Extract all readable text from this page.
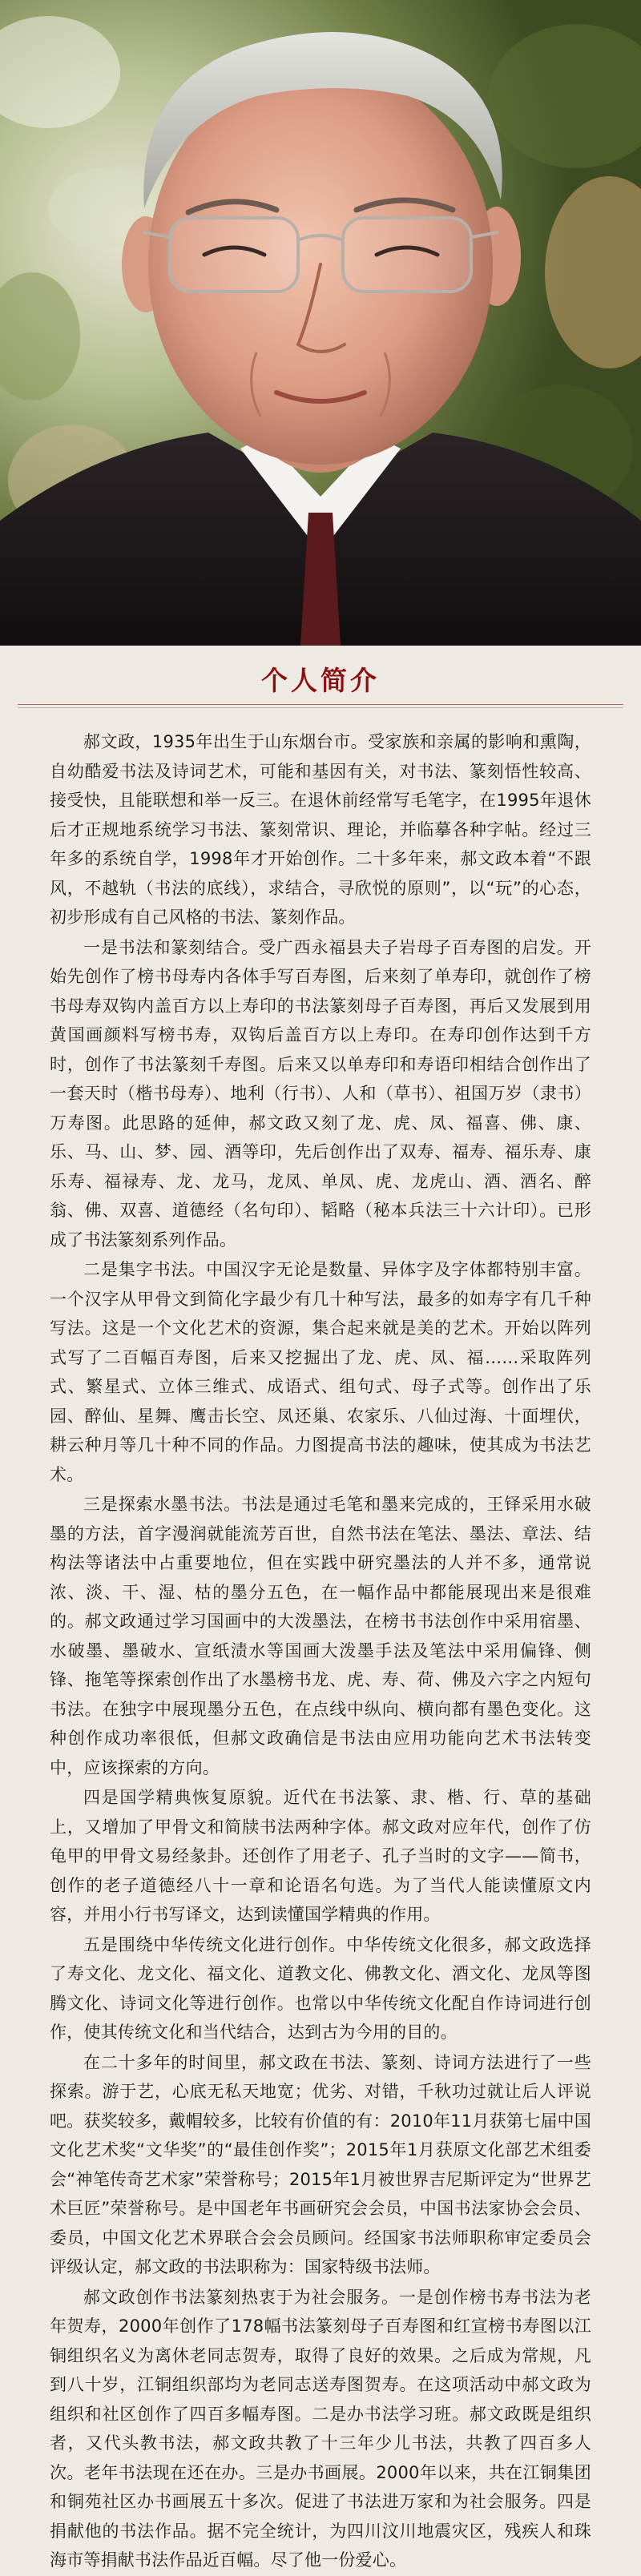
个人简介

郝文政，1935年出生于山东烟台市。受家族和亲属的影响和熏陶，自幼酷爱书法及诗词艺术，可能和基因有关，对书法、篆刻悟性较高、接受快，且能联想和举一反三。在退休前经常写毛笔字，在1995年退休后才正规地系统学习书法、篆刻常识、理论，并临摹各种字帖。经过三年多的系统自学，1998年才开始创作。二十多年来，郝文政本着“不跟风，不越轨（书法的底线），求结合，寻欣悦的原则”，以“玩”的心态，初步形成有自己风格的书法、篆刻作品。

一是书法和篆刻结合。受广西永福县夫子岩母子百寿图的启发。开始先创作了榜书母寿内各体手写百寿图，后来刻了单寿印，就创作了榜书母寿双钩内盖百方以上寿印的书法篆刻母子百寿图，再后又发展到用黄国画颜料写榜书寿，双钩后盖百方以上寿印。在寿印创作达到千方时，创作了书法篆刻千寿图。后来又以单寿印和寿语印相结合创作出了一套天时（楷书母寿）、地利（行书）、人和（草书）、祖国万岁（隶书）万寿图。此思路的延伸，郝文政又刻了龙、虎、凤、福喜、佛、康、乐、马、山、梦、园、酒等印，先后创作出了双寿、福寿、福乐寿、康乐寿、福禄寿、龙、龙马，龙凤、单凤、虎、龙虎山、酒、酒名、醉翁、佛、双喜、道德经（名句印）、韬略（秘本兵法三十六计印）。已形成了书法篆刻系列作品。

二是集字书法。中国汉字无论是数量、异体字及字体都特别丰富。一个汉字从甲骨文到简化字最少有几十种写法，最多的如寿字有几千种写法。这是一个文化艺术的资源，集合起来就是美的艺术。开始以阵列式写了二百幅百寿图，后来又挖掘出了龙、虎、凤、福……采取阵列式、繁星式、立体三维式、成语式、组句式、母子式等。创作出了乐园、醉仙、星舞、鹰击长空、凤还巢、农家乐、八仙过海、十面埋伏，耕云种月等几十种不同的作品。力图提高书法的趣味，使其成为书法艺术。

三是探索水墨书法。书法是通过毛笔和墨来完成的，王铎采用水破墨的方法，首字漫润就能流芳百世，自然书法在笔法、墨法、章法、结构法等诸法中占重要地位，但在实践中研究墨法的人并不多，通常说浓、淡、干、湿、枯的墨分五色，在一幅作品中都能展现出来是很难的。郝文政通过学习国画中的大泼墨法，在榜书书法创作中采用宿墨、水破墨、墨破水、宣纸渍水等国画大泼墨手法及笔法中采用偏锋、侧锋、拖笔等探索创作出了水墨榜书龙、虎、寿、荷、佛及六字之内短句书法。在独字中展现墨分五色，在点线中纵向、横向都有墨色变化。这种创作成功率很低，但郝文政确信是书法由应用功能向艺术书法转变中，应该探索的方向。

四是国学精典恢复原貌。近代在书法篆、隶、楷、行、草的基础上，又增加了甲骨文和简牍书法两种字体。郝文政对应年代，创作了仿龟甲的甲骨文易经彖卦。还创作了用老子、孔子当时的文字——简书，创作的老子道德经八十一章和论语名句选。为了当代人能读懂原文内容，并用小行书写译文，达到读懂国学精典的作用。

五是围绕中华传统文化进行创作。中华传统文化很多，郝文政选择了寿文化、龙文化、福文化、道教文化、佛教文化、酒文化、龙凤等图腾文化、诗词文化等进行创作。也常以中华传统文化配自作诗词进行创作，使其传统文化和当代结合，达到古为今用的目的。

在二十多年的时间里，郝文政在书法、篆刻、诗词方法进行了一些探索。游于艺，心底无私天地宽；优劣、对错，千秋功过就让后人评说吧。获奖较多，戴帽较多，比较有价值的有：2010年11月获第七届中国文化艺术奖“文华奖”的“最佳创作奖”；2015年1月获原文化部艺术组委会“神笔传奇艺术家”荣誉称号；2015年1月被世界吉尼斯评定为“世界艺术巨匠”荣誉称号。是中国老年书画研究会会员，中国书法家协会会员、委员，中国文化艺术界联合会会员顾问。经国家书法师职称审定委员会评级认定，郝文政的书法职称为：国家特级书法师。

郝文政创作书法篆刻热衷于为社会服务。一是创作榜书寿书法为老年贺寿，2000年创作了178幅书法篆刻母子百寿图和红宣榜书寿图以江铜组织名义为离休老同志贺寿，取得了良好的效果。之后成为常规，凡到八十岁，江铜组织部均为老同志送寿图贺寿。在这项活动中郝文政为组织和社区创作了四百多幅寿图。二是办书法学习班。郝文政既是组织者，又代头教书法，郝文政共教了十三年少儿书法，共教了四百多人次。老年书法现在还在办。三是办书画展。2000年以来，共在江铜集团和铜苑社区办书画展五十多次。促进了书法进万家和为社会服务。四是捐献他的书法作品。据不完全统计，为四川汶川地震灾区，残疾人和珠海市等捐献书法作品近百幅。尽了他一份爱心。
